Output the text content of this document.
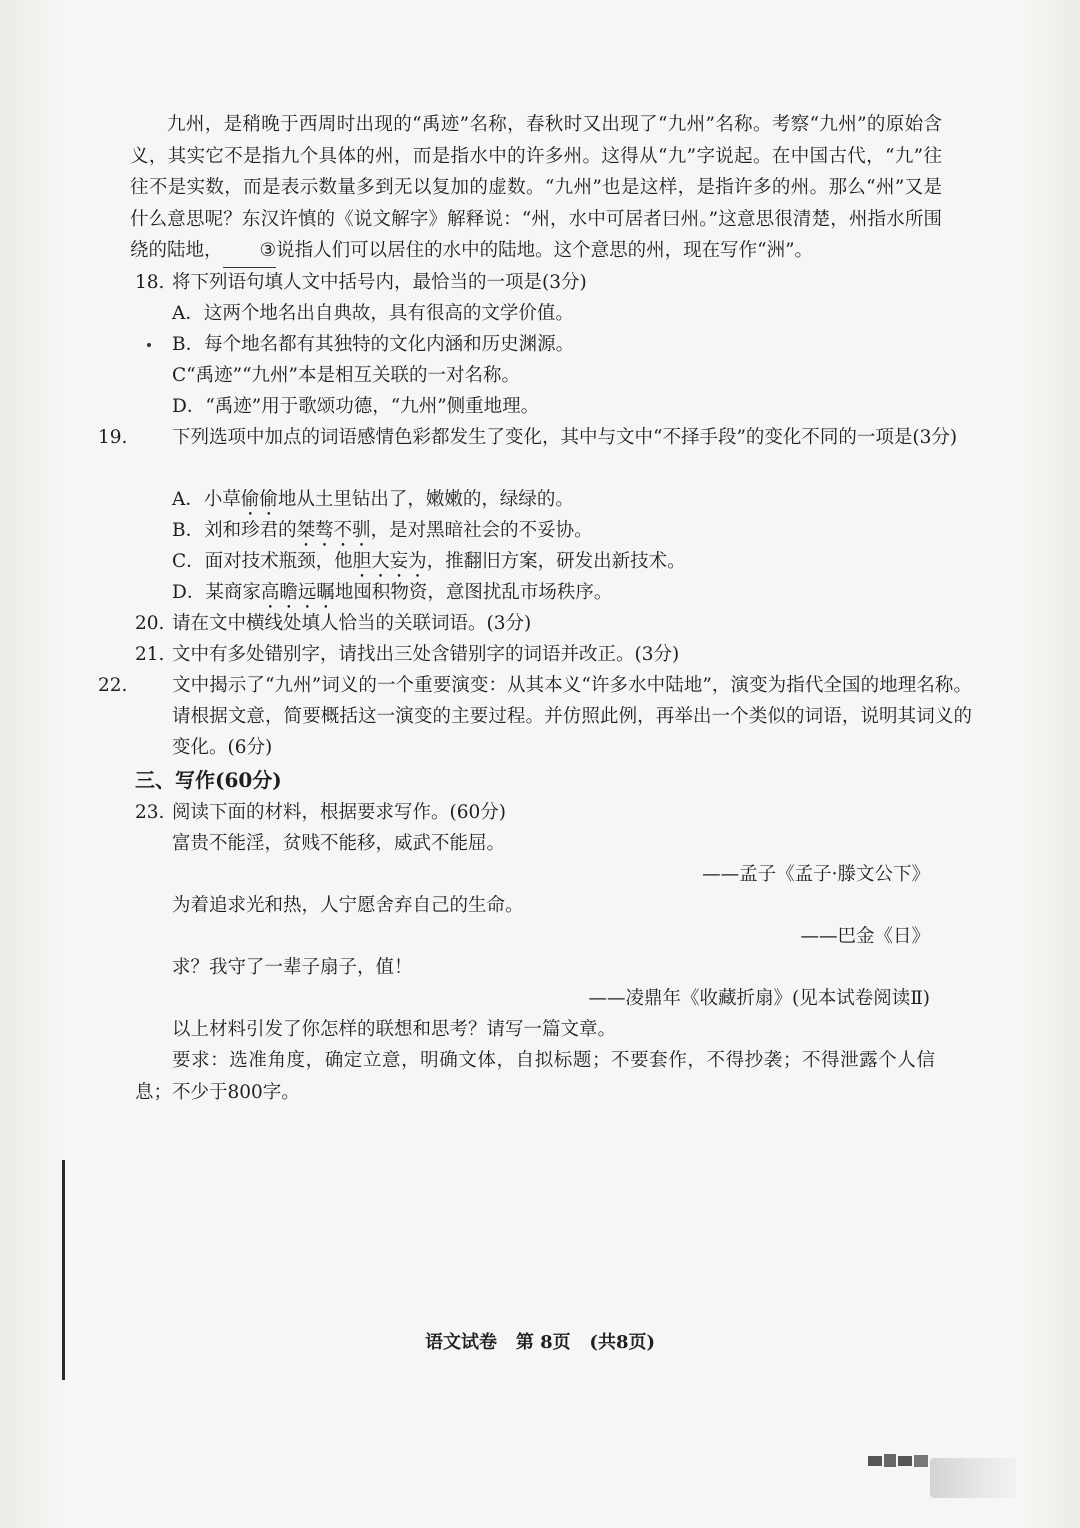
九州，是稍晚于西周时出现的“禹迹”名称，春秋时又出现了“九州”名称。考察“九州”的原始含义，其实它不是指九个具体的州，而是指水中的许多州。这得从“九”字说起。在中国古代，“九”往往不是实数，而是表示数量多到无以复加的虚数。“九州”也是这样，是指许多的州。那么“州”又是什么意思呢？东汉许慎的《说文解字》解释说：“州，水中可居者曰州。”这意思很清楚，州指水所围绕的陆地， ③说指人们可以居住的水中的陆地。这个意思的州，现在写作“洲”。

18. 将下列语句填人文中括号内，最恰当的一项是(3分)

A．这两个地名出自典故，具有很高的文学价值。

B．每个地名都有其独特的文化内涵和历史渊源。

C“禹迹”“九州”本是相互关联的一对名称。

D．“禹迹”用于歌颂功德，“九州”侧重地理。

19. 下列选项中加点的词语感情色彩都发生了变化，其中与文中“不择手段”的变化不同的一项是(3分)

A．小草偷偷地从土里钻出了，嫩嫩的，绿绿的。

B．刘和珍君的桀骜不驯，是对黑暗社会的不妥协。

C．面对技术瓶颈，他胆大妄为，推翻旧方案，研发出新技术。

D．某商家高瞻远瞩地囤积物资，意图扰乱市场秩序。

20. 请在文中横线处填人恰当的关联词语。(3分)

21. 文中有多处错别字，请找出三处含错别字的词语并改正。(3分)

22. 文中揭示了“九州”词义的一个重要演变：从其本义“许多水中陆地”，演变为指代全国的地理名称。请根据文意，简要概括这一演变的主要过程。并仿照此例，再举出一个类似的词语，说明其词义的变化。(6分)

三、写作(60分)

23. 阅读下面的材料，根据要求写作。(60分)

富贵不能淫，贫贱不能移，威武不能屈。

——孟子《孟子·滕文公下》

为着追求光和热，人宁愿舍弃自己的生命。

——巴金《日》

求？我守了一辈子扇子，值！

——凌鼎年《收藏折扇》(见本试卷阅读Ⅱ)

以上材料引发了你怎样的联想和思考？请写一篇文章。

要求：选准角度，确定立意，明确文体，自拟标题；不要套作，不得抄袭；不得泄露个人信息；不少于800字。

语文试卷 第 8页 (共8页)
